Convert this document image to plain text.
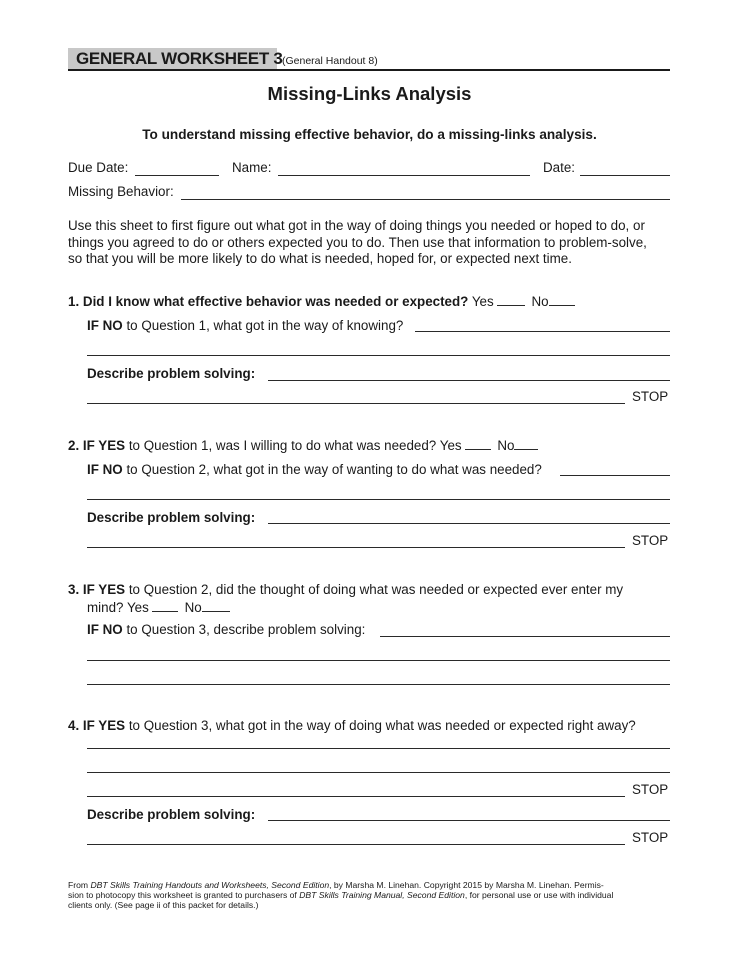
GENERAL WORKSHEET 3 (General Handout 8)
Missing-Links Analysis
To understand missing effective behavior, do a missing-links analysis.
Due Date:	Name:	Date:
Missing Behavior:
Use this sheet to first figure out what got in the way of doing things you needed or hoped to do, or
things you agreed to do or others expected you to do. Then use that information to problem-solve,
so that you will be more likely to do what is needed, hoped for, or expected next time.
1. Did I know what effective behavior was needed or expected? Yes	No
IF NO to Question 1, what got in the way of knowing?
Describe problem solving:
STOP
2. IF YES to Question 1, was I willing to do what was needed? Yes	No
IF NO to Question 2, what got in the way of wanting to do what was needed?
Describe problem solving:
STOP
3. IF YES to Question 2, did the thought of doing what was needed or expected ever enter my
mind? Yes	No
IF NO to Question 3, describe problem solving:
4. IF YES to Question 3, what got in the way of doing what was needed or expected right away?
STOP
Describe problem solving:
STOP
From DBT Skills Training Handouts and Worksheets, Second Edition, by Marsha M. Linehan. Copyright 2015 by Marsha M. Linehan. Permis-
sion to photocopy this worksheet is granted to purchasers of DBT Skills Training Manual, Second Edition, for personal use or use with individual
clients only. (See page ii of this packet for details.)
